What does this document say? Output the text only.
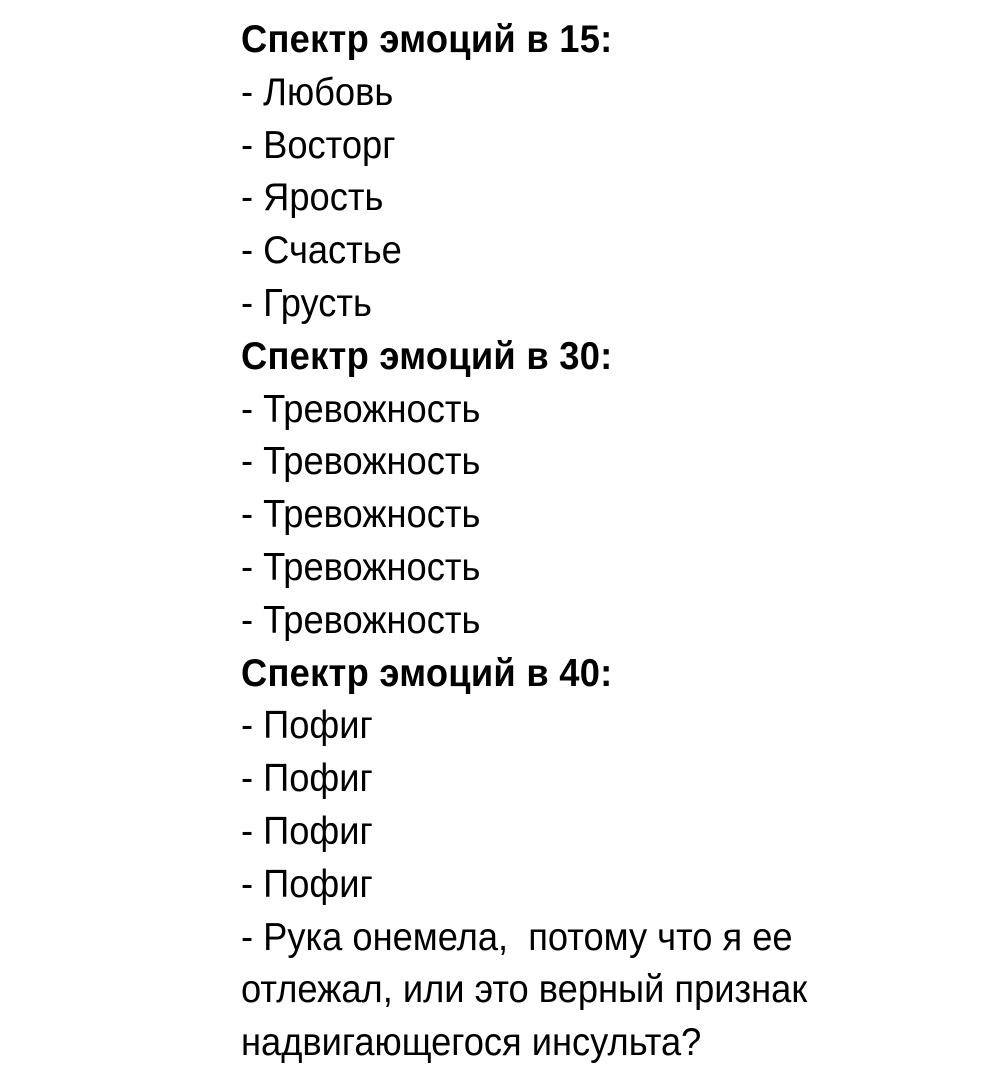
Спектр эмоций в 15:
- Любовь
- Восторг
- Ярость
- Счастье
- Грусть
Спектр эмоций в 30:
- Тревожность
- Тревожность
- Тревожность
- Тревожность
- Тревожность
Спектр эмоций в 40:
- Пофиг
- Пофиг
- Пофиг
- Пофиг
- Рука онемела,  потому что я ее
отлежал, или это верный признак
надвигающегося инсульта?
